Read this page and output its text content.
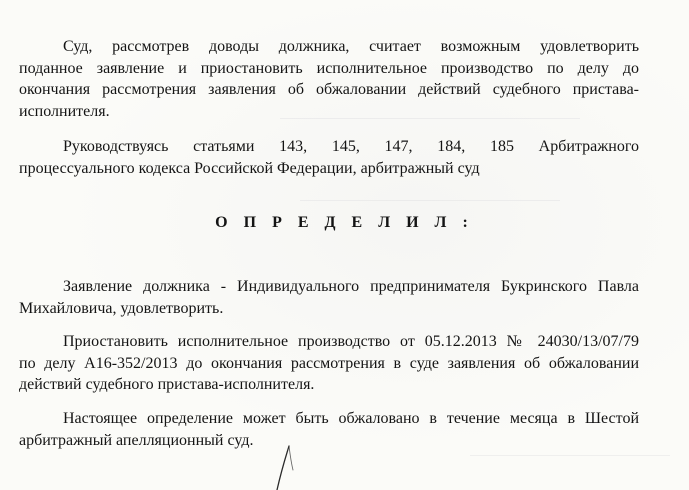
Суд, рассмотрев доводы должника, считает возможным удовлетворить
поданное заявление и приостановить исполнительное производство по делу до
окончания рассмотрения заявления об обжаловании действий судебного пристава-
исполнителя.
Руководствуясь статьями 143, 145, 147, 184, 185 Арбитражного
процессуального кодекса Российской Федерации, арбитражный суд
О П Р Е Д Е Л И Л :
Заявление должника - Индивидуального предпринимателя Букринского Павла
Михайловича, удовлетворить.
Приостановить исполнительное производство от 05.12.2013 № 24030/13/07/79
по делу А16-352/2013 до окончания рассмотрения в суде заявления об обжаловании
действий судебного пристава-исполнителя.
Настоящее определение может быть обжаловано в течение месяца в Шестой
арбитражный апелляционный суд.
